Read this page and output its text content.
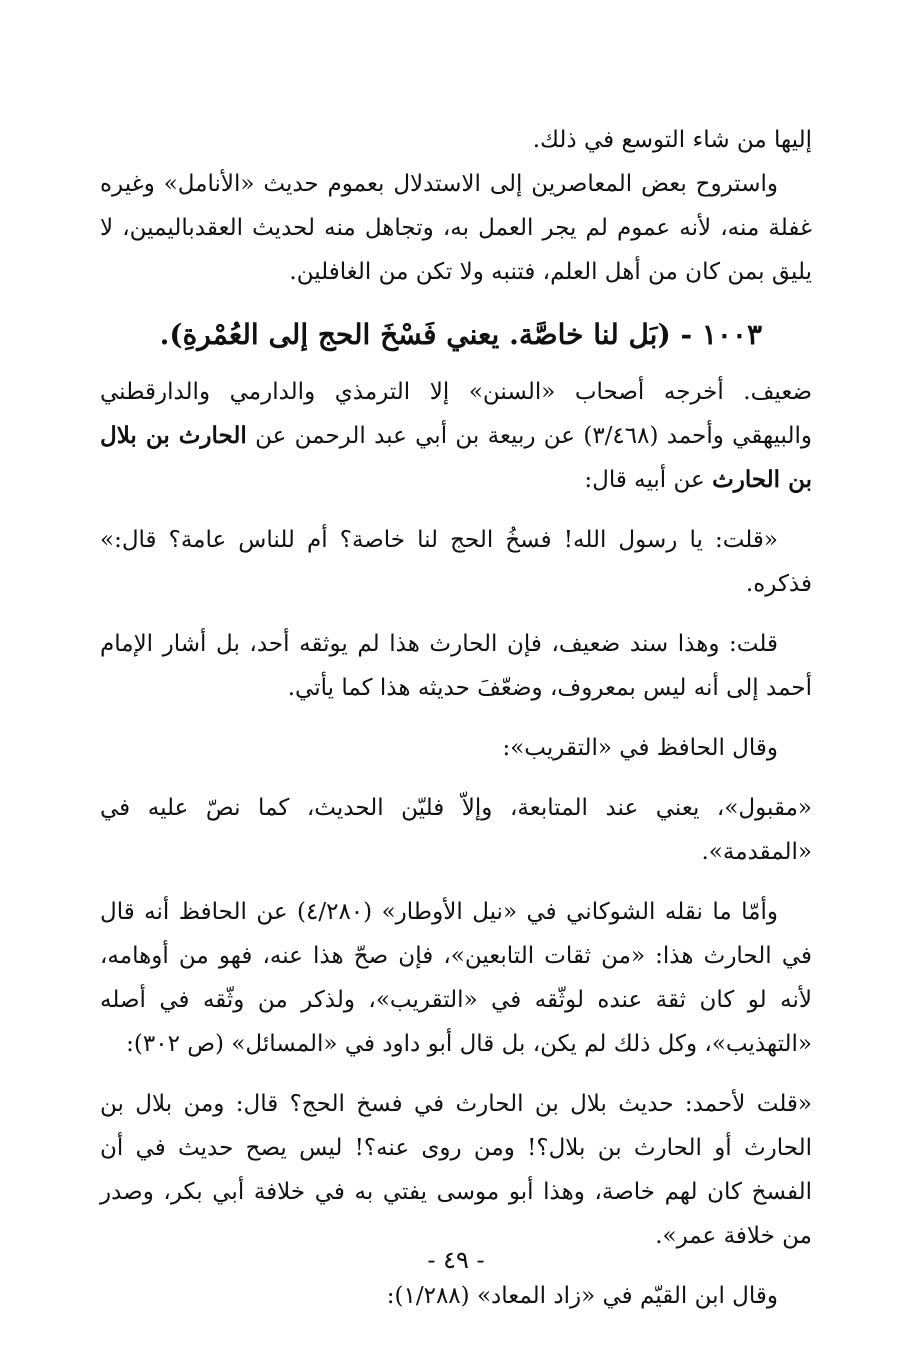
إليها من شاء التوسع في ذلك.

واستروح بعض المعاصرين إلى الاستدلال بعموم حديث «الأنامل» وغيره غفلة منه، لأنه عموم لم يجر العمل به، وتجاهل منه لحديث العقدباليمين، لا يليق بمن كان من أهل العلم، فتنبه ولا تكن من الغافلين.

١٠٠٣ - (بَل لنا خاصَّة. يعني فَسْخَ الحج إلى العُمْرةِ).

ضعيف. أخرجه أصحاب «السنن» إلا الترمذي والدارمي والدارقطني والبيهقي وأحمد (٣/٤٦٨) عن ربيعة بن أبي عبد الرحمن عن الحارث بن بلال بن الحارث عن أبيه قال:

«قلت: يا رسول الله! فسخُ الحج لنا خاصة؟ أم للناس عامة؟ قال:» فذكره.

قلت: وهذا سند ضعيف، فإن الحارث هذا لم يوثقه أحد، بل أشار الإمام أحمد إلى أنه ليس بمعروف، وضعّفَ حديثه هذا كما يأتي.

وقال الحافظ في «التقريب»:

«مقبول»، يعني عند المتابعة، وإلاّ فليّن الحديث، كما نصّ عليه في «المقدمة».

وأمّا ما نقله الشوكاني في «نيل الأوطار» (٤/٢٨٠) عن الحافظ أنه قال في الحارث هذا: «من ثقات التابعين»، فإن صحّ هذا عنه، فهو من أوهامه، لأنه لو كان ثقة عنده لوثّقه في «التقريب»، ولذكر من وثّقه في أصله «التهذيب»، وكل ذلك لم يكن، بل قال أبو داود في «المسائل» (ص ٣٠٢):

«قلت لأحمد: حديث بلال بن الحارث في فسخ الحج؟ قال: ومن بلال بن الحارث أو الحارث بن بلال؟! ومن روى عنه؟! ليس يصح حديث في أن الفسخ كان لهم خاصة، وهذا أبو موسى يفتي به في خلافة أبي بكر، وصدر من خلافة عمر».

وقال ابن القيّم في «زاد المعاد» (١/٢٨٨):

- ٤٩ -
